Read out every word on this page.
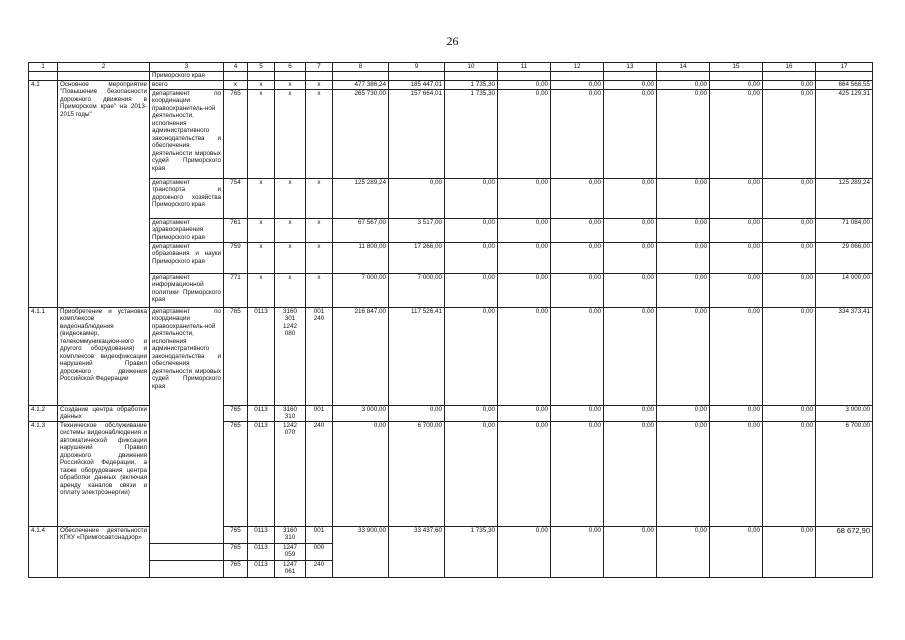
26
1	2	3	4	5	6	7	8	9	10	11	12	13	14	15	16	17
		Приморского края														
4.1	Основное мероприятие "Повышение безопасности дорожного движения в Приморском крае" на 2013-2015 годы"	всего	x	x	x	x	477 386,24	185 447,01	1 735,30	0,00	0,00	0,00	0,00	0,00	0,00	664 568,55
		департамент по координации правоохранитель-ной деятельности, исполнения административного законодательства и обеспечения деятельности мировых судей Приморского края	765	x	x	x	265 730,00	157 664,01	1 735,30	0,00	0,00	0,00	0,00	0,00	0,00	425 129,31
		департамент транспорта и дорожного хозяйства Приморского края	754	x	x	x	125 289,24	0,00	0,00	0,00	0,00	0,00	0,00	0,00	0,00	125 289,24
		департамент здравоохранения Приморского края	761	x	x	x	67 567,00	3 517,00	0,00	0,00	0,00	0,00	0,00	0,00	0,00	71 084,00
		департамент образования и науки Приморского края	759	x	x	x	11 800,00	17 266,00	0,00	0,00	0,00	0,00	0,00	0,00	0,00	29 066,00
		департамент информационной политики Приморского края	771	x	x	x	7 000,00	7 000,00	0,00	0,00	0,00	0,00	0,00	0,00	0,00	14 000,00
4.1.1	Приобретение и установка комплексов видеонаблюдения (видеокамер, телекоммуникацион-ного и другого оборудования) и комплексов видеофиксации нарушений Правил дорожного движения Российской Федерации	департамент по координации правоохранитель-ной деятельности, исполнения административного законодательства и обеспечения деятельности мировых судей Приморского края	765	0113	3160 301 1242 080	001 240	216 847,00	117 526,41	0,00	0,00	0,00	0,00	0,00	0,00	0,00	334 373,41
4.1.2	Создание центра обработки данных		765	0113	3160 310	001	3 000,00	0,00	0,00	0,00	0,00	0,00	0,00	0,00	0,00	3 000,00
4.1.3	Техническое обслуживание системы видеонаблюдения и автоматической фиксации нарушений Правил дорожного движения Российской Федерации, а также оборудования центра обработки данных (включая аренду каналов связи и оплату электроэнергии)		765	0113	1242 070	240	0,00	6 700,00	0,00	0,00	0,00	0,00	0,00	0,00	0,00	6 700,00
4.1.4	Обеспечение деятельности КГКУ «Примгосавтонадзор»		765	0113	3160 310	001	33 900,00	33 437,60	1 735,30	0,00	0,00	0,00	0,00	0,00	0,00	68 672,90
			765	0113	1247 059	000										
			765	0113	1247 061	240										
